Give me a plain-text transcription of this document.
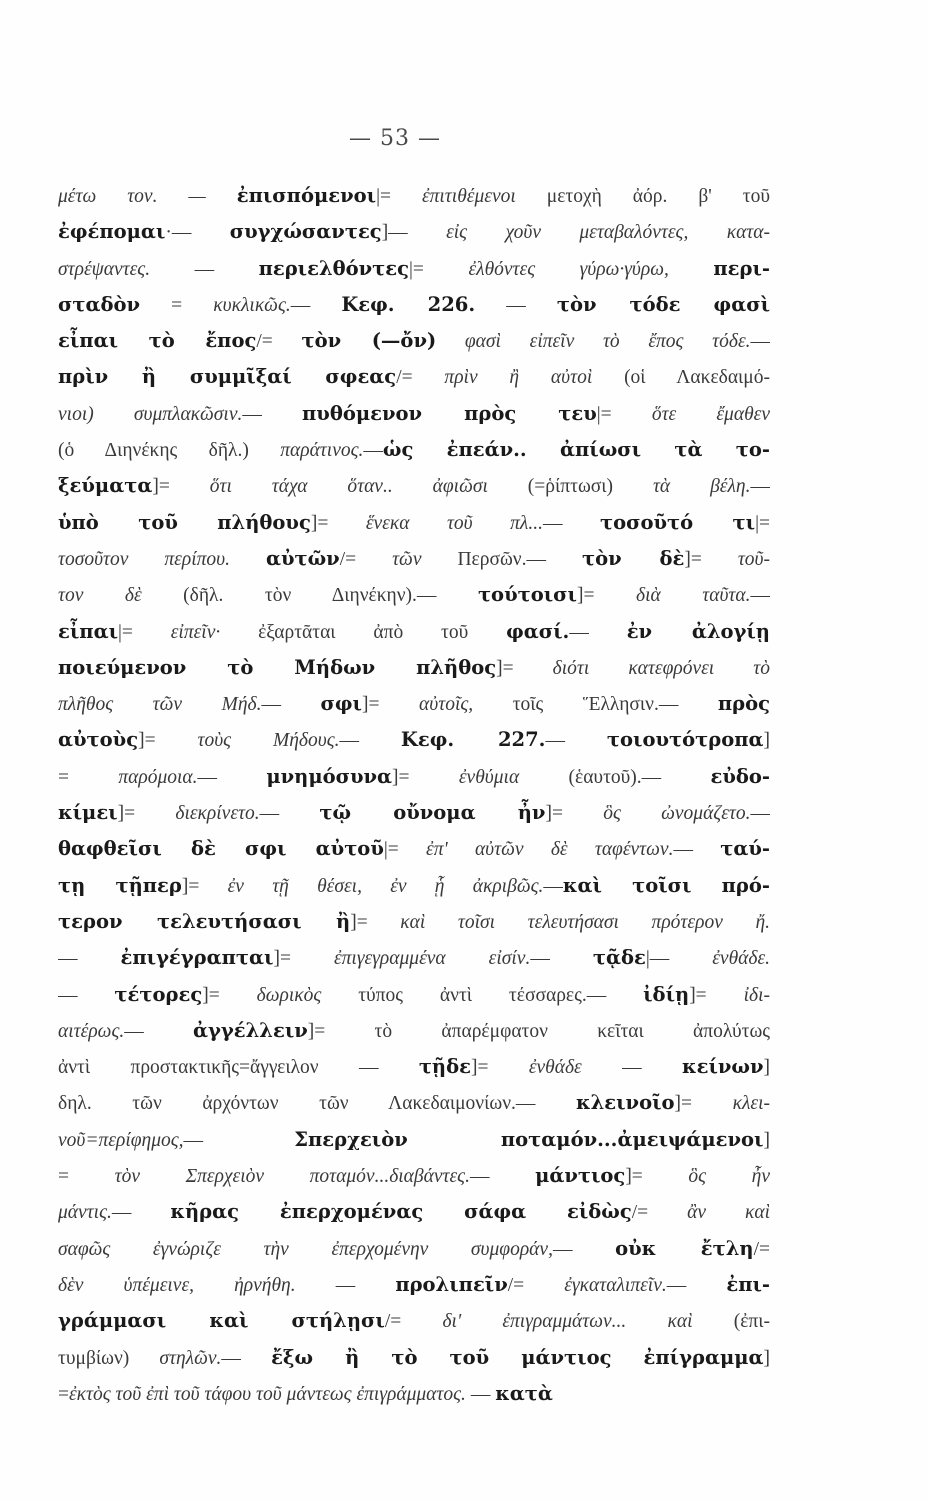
— 53 —
μέτω τον. — ἐπισπόμενοι|= ἐπιτιθέμενοι μετοχὴ ἀόρ. β' τοῦ
ἐφέπομαι·— συγχώσαντες]— εἰς χοῦν μεταβαλόντες, κατα-
στρέψαντες. — περιελθόντες|= ἐλθόντες γύρω·γύρω, περι-
σταδὸν = κυκλικῶς.— Κεφ. 226. — τὸν τόδε φασὶ
εἶπαι τὸ ἔπος/= τὸν (—ὄν) φασὶ εἰπεῖν τὸ ἔπος τόδε.—
πρὶν ἢ συμμῖξαί σφεας/= πρὶν ἢ αὐτοὶ (οἱ Λακεδαιμό-
νιοι) συμπλακῶσιν.— πυθόμενον πρὸς τευ|= ὅτε ἔμαθεν
(ὁ Διηνέκης δῆλ.) παράτινος.—ὡς ἐπεάν.. ἀπίωσι τὰ το-
ξεύματα]= ὅτι τάχα ὅταν.. ἀφιῶσι (=ῥίπτωσι) τὰ βέλη.—
ὑπὸ τοῦ πλήθους]= ἕνεκα τοῦ πλ...— τοσοῦτό τι|=
τοσοῦτον περίπου. αὐτῶν/= τῶν Περσῶν.— τὸν δὲ]= τοῦ-
τον δὲ (δῆλ. τὸν Διηνέκην).— τούτοισι]= διὰ ταῦτα.—
εἶπαι|= εἰπεῖν· ἐξαρτᾶται ἀπὸ τοῦ φασί.— ἐν ἀλογίῃ
ποιεύμενον τὸ Μήδων πλῆθος]= διότι κατεφρόνει τὸ
πλῆθος τῶν Μήδ.— σφι]= αὐτοῖς, τοῖς Ἕλλησιν.— πρὸς
αὐτοὺς]= τοὺς Μήδους.— Κεφ. 227.— τοιουτότροπα]
= παρόμοια.— μνημόσυνα]= ἐνθύμια (ἑαυτοῦ).— εὐδο-
κίμει]= διεκρίνετο.— τῷ οὔνομα ἦν]= ὃς ὠνομάζετο.—
θαφθεῖσι δὲ σφι αὐτοῦ|= ἐπ' αὐτῶν δὲ ταφέντων.— ταύ-
τῃ τῇπερ]= ἐν τῇ θέσει, ἐν ᾗ ἀκριβῶς.—καὶ τοῖσι πρό-
τερον τελευτήσασι ἢ]= καὶ τοῖσι τελευτήσασι πρότερον ἤ.
— ἐπιγέγραπται]= ἐπιγεγραμμένα εἰσίν.— τᾷδε|— ἐνθάδε.
— τέτορες]= δωρικὸς τύπος ἀντὶ τέσσαρες.— ἰδίῃ]= ἰδι-
αιτέρως.— ἀγγέλλειν]= τὸ ἀπαρέμφατον κεῖται ἀπολύτως
ἀντὶ προστακτικῆς=ἄγγειλον — τῇδε]= ἐνθάδε — κείνων]
δηλ. τῶν ἀρχόντων τῶν Λακεδαιμονίων.— κλεινοῖο]= κλει-
νοῦ=περίφημος,— Σπερχειὸν ποταμόν...ἀμειψάμενοι]
= τὸν Σπερχειὸν ποταμόν...διαβάντες.— μάντιος]= ὃς ἦν
μάντις.— κῆρας ἐπερχομένας σάφα εἰδὼς/= ἂν καὶ
σαφῶς ἐγνώριζε τὴν ἐπερχομένην συμφοράν,— οὐκ ἔτλη/=
δὲν ὑπέμεινε, ἠρνήθη. — προλιπεῖν/= ἐγκαταλιπεῖν.— ἐπι-
γράμμασι καὶ στήλῃσι/= δι' ἐπιγραμμάτων... καὶ (ἐπι-
τυμβίων) στηλῶν.— ἔξω ἢ τὸ τοῦ μάντιος ἐπίγραμμα]
=ἐκτὸς τοῦ ἐπὶ τοῦ τάφου τοῦ μάντεως ἐπιγράμματος. — κατὰ
